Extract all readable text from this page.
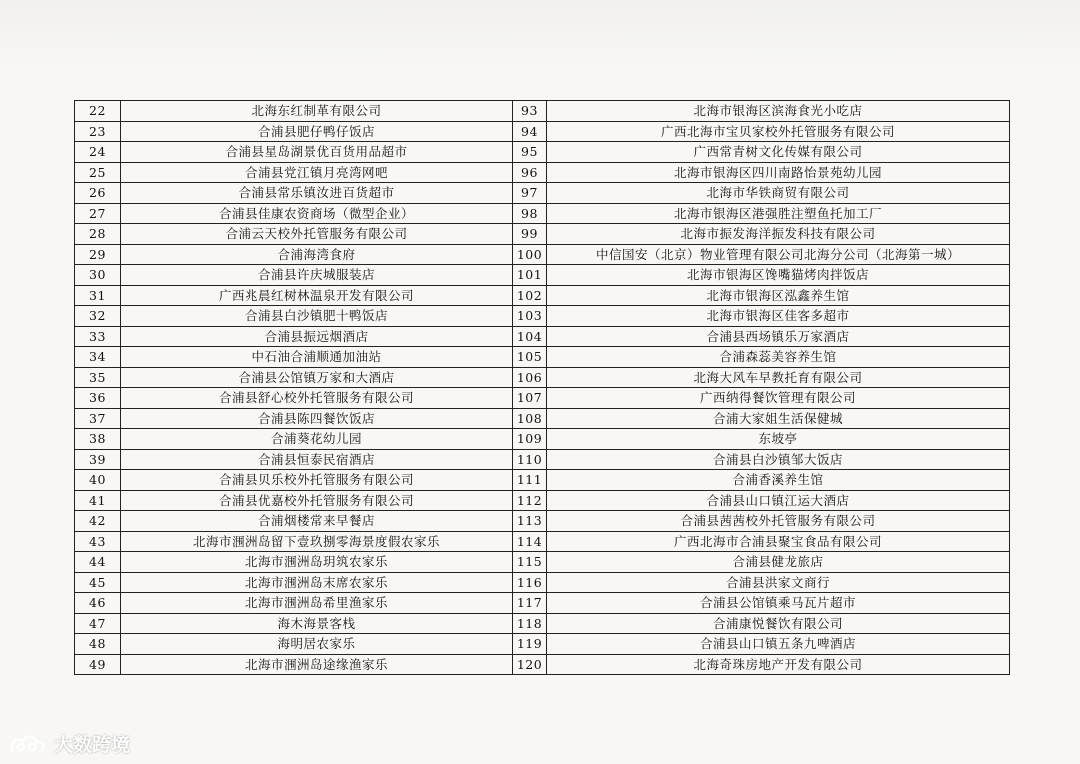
22	北海东红制革有限公司	93	北海市银海区滨海食光小吃店
23	合浦县肥仔鸭仔饭店	94	广西北海市宝贝家校外托管服务有限公司
24	合浦县星岛湖景优百货用品超市	95	广西常青树文化传媒有限公司
25	合浦县党江镇月亮湾网吧	96	北海市银海区四川南路怡景苑幼儿园
26	合浦县常乐镇汝进百货超市	97	北海市华铁商贸有限公司
27	合浦县佳康农资商场（微型企业）	98	北海市银海区港强胜注塑鱼托加工厂
28	合浦云天校外托管服务有限公司	99	北海市振发海洋振发科技有限公司
29	合浦海湾食府	100	中信国安（北京）物业管理有限公司北海分公司（北海第一城）
30	合浦县许庆城服装店	101	北海市银海区馋嘴猫烤肉拌饭店
31	广西兆晨红树林温泉开发有限公司	102	北海市银海区泓鑫养生馆
32	合浦县白沙镇肥十鸭饭店	103	北海市银海区佳客多超市
33	合浦县振远烟酒店	104	合浦县西场镇乐万家酒店
34	中石油合浦顺通加油站	105	合浦森蕊美容养生馆
35	合浦县公馆镇万家和大酒店	106	北海大风车早教托育有限公司
36	合浦县舒心校外托管服务有限公司	107	广西纳得餐饮管理有限公司
37	合浦县陈四餐饮饭店	108	合浦大家姐生活保健城
38	合浦葵花幼儿园	109	东坡亭
39	合浦县恒泰民宿酒店	110	合浦县白沙镇邹大饭店
40	合浦县贝乐校外托管服务有限公司	111	合浦香溪养生馆
41	合浦县优嘉校外托管服务有限公司	112	合浦县山口镇江运大酒店
42	合浦烟楼常来早餐店	113	合浦县茜茜校外托管服务有限公司
43	北海市涠洲岛留下壹玖捌零海景度假农家乐	114	广西北海市合浦县聚宝食品有限公司
44	北海市涠洲岛玥筑农家乐	115	合浦县健龙旅店
45	北海市涠洲岛末席农家乐	116	合浦县洪家文商行
46	北海市涠洲岛希里渔家乐	117	合浦县公馆镇乘马瓦片超市
47	海木海景客栈	118	合浦康悦餐饮有限公司
48	海明居农家乐	119	合浦县山口镇五条九啤酒店
49	北海市涠洲岛途缘渔家乐	120	北海奇珠房地产开发有限公司
大数跨境
